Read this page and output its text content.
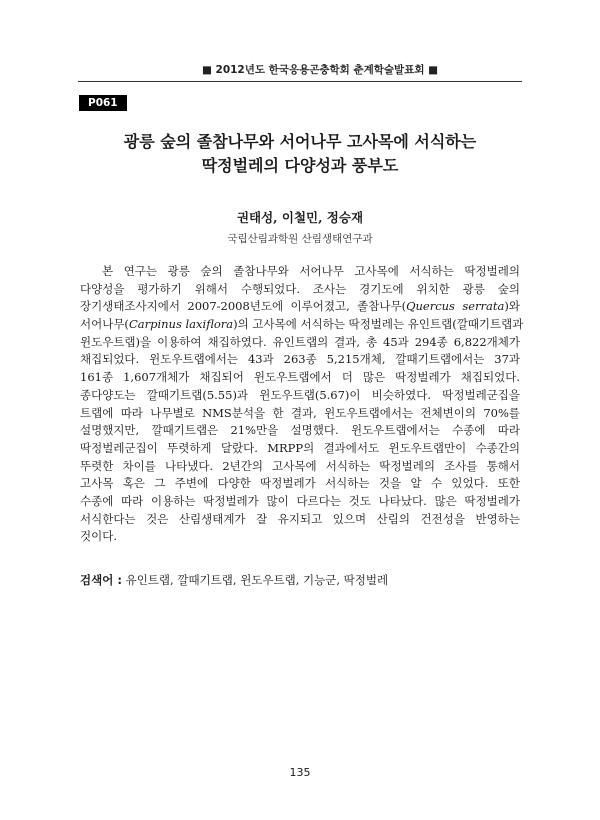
■ 2012년도 한국응용곤충학회 춘계학술발표회 ■
P061
광릉 숲의 졸참나무와 서어나무 고사목에 서식하는
딱정벌레의 다양성과 풍부도
권태성, 이철민, 정승재
국립산림과학원 산림생태연구과
본 연구는 광릉 숲의 졸참나무와 서어나무 고사목에 서식하는 딱정벌레의
다양성을 평가하기 위해서 수행되었다. 조사는 경기도에 위치한 광릉 숲의
장기생태조사지에서 2007-2008년도에 이루어졌고, 졸참나무(Quercus serrata)와
서어나무(Carpinus laxiflora)의 고사목에 서식하는 딱정벌레는 유인트랩(깔때기트랩과
윈도우트랩)을 이용하여 채집하였다. 유인트랩의 결과, 총 45과 294종 6,822개체가
채집되었다. 윈도우트랩에서는 43과 263종 5,215개체, 깔때기트랩에서는 37과
161종 1,607개체가 채집되어 윈도우트랩에서 더 많은 딱정벌레가 채집되었다.
종다양도는 깔때기트랩(5.55)과 윈도우트랩(5.67)이 비슷하였다. 딱정벌레군집을
트랩에 따라 나무별로 NMS분석을 한 결과, 윈도우트랩에서는 전체변이의 70%를
설명했지만, 깔때기트랩은 21%만을 설명했다. 윈도우트랩에서는 수종에 따라
딱정벌레군집이 뚜렷하게 달랐다. MRPP의 결과에서도 윈도우트랩만이 수종간의
뚜렷한 차이를 나타냈다. 2년간의 고사목에 서식하는 딱정벌레의 조사를 통해서
고사목 혹은 그 주변에 다양한 딱정벌레가 서식하는 것을 알 수 있었다. 또한
수종에 따라 이용하는 딱정벌레가 많이 다르다는 것도 나타났다. 많은 딱정벌레가
서식한다는 것은 산림생태계가 잘 유지되고 있으며 산림의 건전성을 반영하는
것이다.
검색어 : 유인트랩, 깔때기트랩, 윈도우트랩, 기능군, 딱정벌레
135
